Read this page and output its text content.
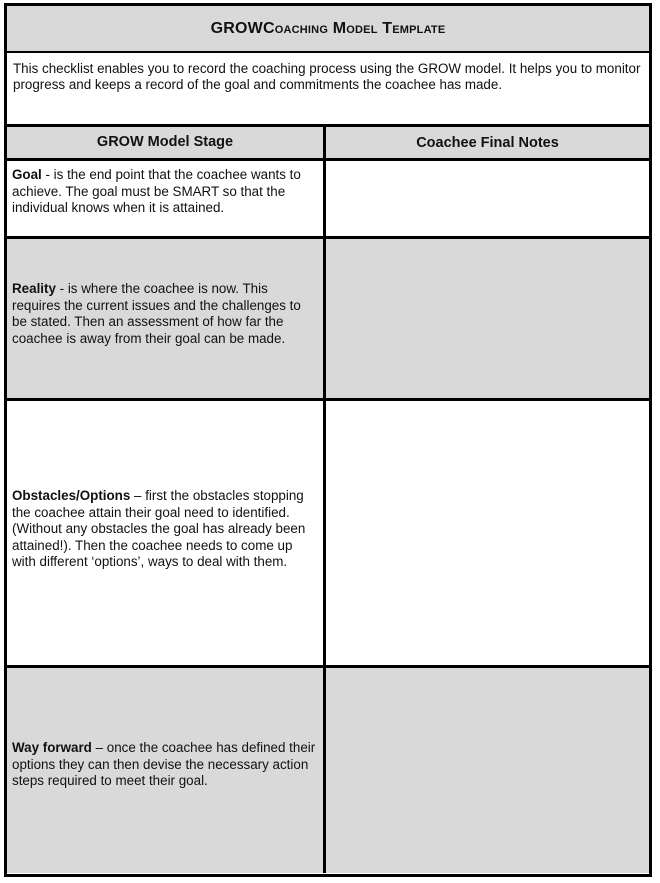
GROW Coaching Model Template
This checklist enables you to record the coaching process using the GROW model. It helps you to monitor progress and keeps a record of the goal and commitments the coachee has made.
GROW Model Stage	Coachee Final Notes
Goal - is the end point that the coachee wants to achieve. The goal must be SMART so that the individual knows when it is attained.
Reality - is where the coachee is now. This requires the current issues and the challenges to be stated. Then an assessment of how far the coachee is away from their goal can be made.
Obstacles/Options – first the obstacles stopping the coachee attain their goal need to identified. (Without any obstacles the goal has already been attained!). Then the coachee needs to come up with different ‘options’, ways to deal with them.
Way forward – once the coachee has defined their options they can then devise the necessary action steps required to meet their goal.
